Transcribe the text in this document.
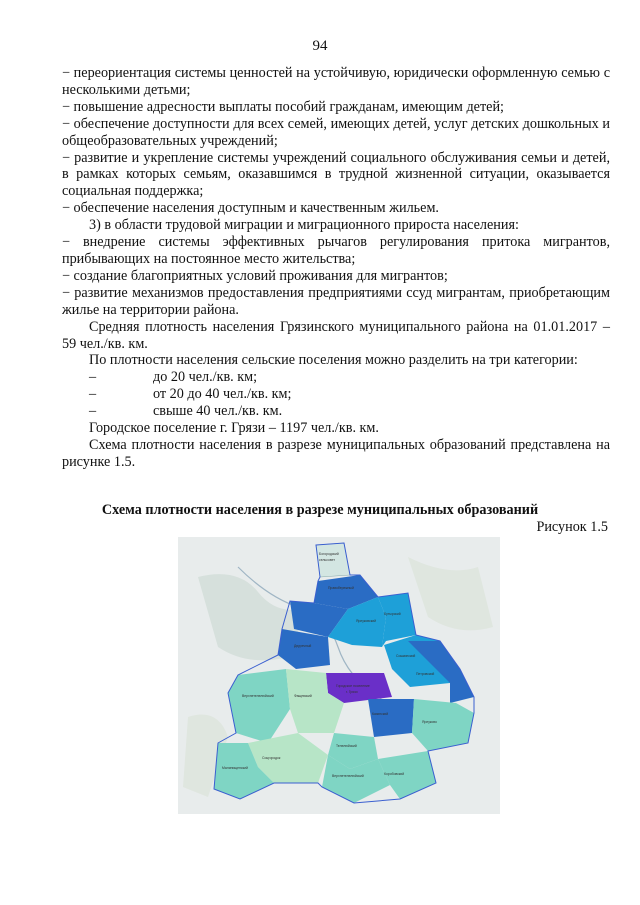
94

− переориентация системы ценностей на устойчивую, юридически оформленную семью с несколькими детьми;

− повышение адресности выплаты пособий гражданам, имеющим детей;

− обеспечение доступности для всех семей, имеющих детей, услуг детских дошкольных и общеобразовательных учреждений;

− развитие и укрепление системы учреждений социального обслуживания семьи и детей, в рамках которых семьям, оказавшимся в трудной жизненной ситуации, оказывается социальная поддержка;

− обеспечение населения доступным и качественным жильем.

3) в области трудовой миграции и миграционного прироста населения:

− внедрение системы эффективных рычагов регулирования притока мигрантов, прибывающих на постоянное место жительства;

− создание благоприятных условий проживания для мигрантов;

− развитие механизмов предоставления предприятиями ссуд мигрантам, приобретающим жилье на территории района.

Средняя плотность населения Грязинского муниципального района на 01.01.2017 – 59 чел./кв. км.

По плотности населения сельские поселения можно разделить на три категории:

–	до 20 чел./кв. км;
–	от 20 до 40 чел./кв. км;
–	свыше 40 чел./кв. км.

Городское поселение г. Грязи – 1197 чел./кв. км.

Схема плотности населения в разрезе муниципальных образований представлена на рисунке 1.5.

Схема плотности населения в разрезе муниципальных образований
Рисунок 1.5
Богородский
сельсовет
Правобережный
Ярлуковский
Бутырский
Двуречный
Сошкинский
Петровский
Городское поселение
г. Грязи
Верхнетелелюйский	Фащевский
Казинский
Ярлуково
Телелюйский
Соцгородок
Верхнетелелюйский	Коробовский
Малинищенский
